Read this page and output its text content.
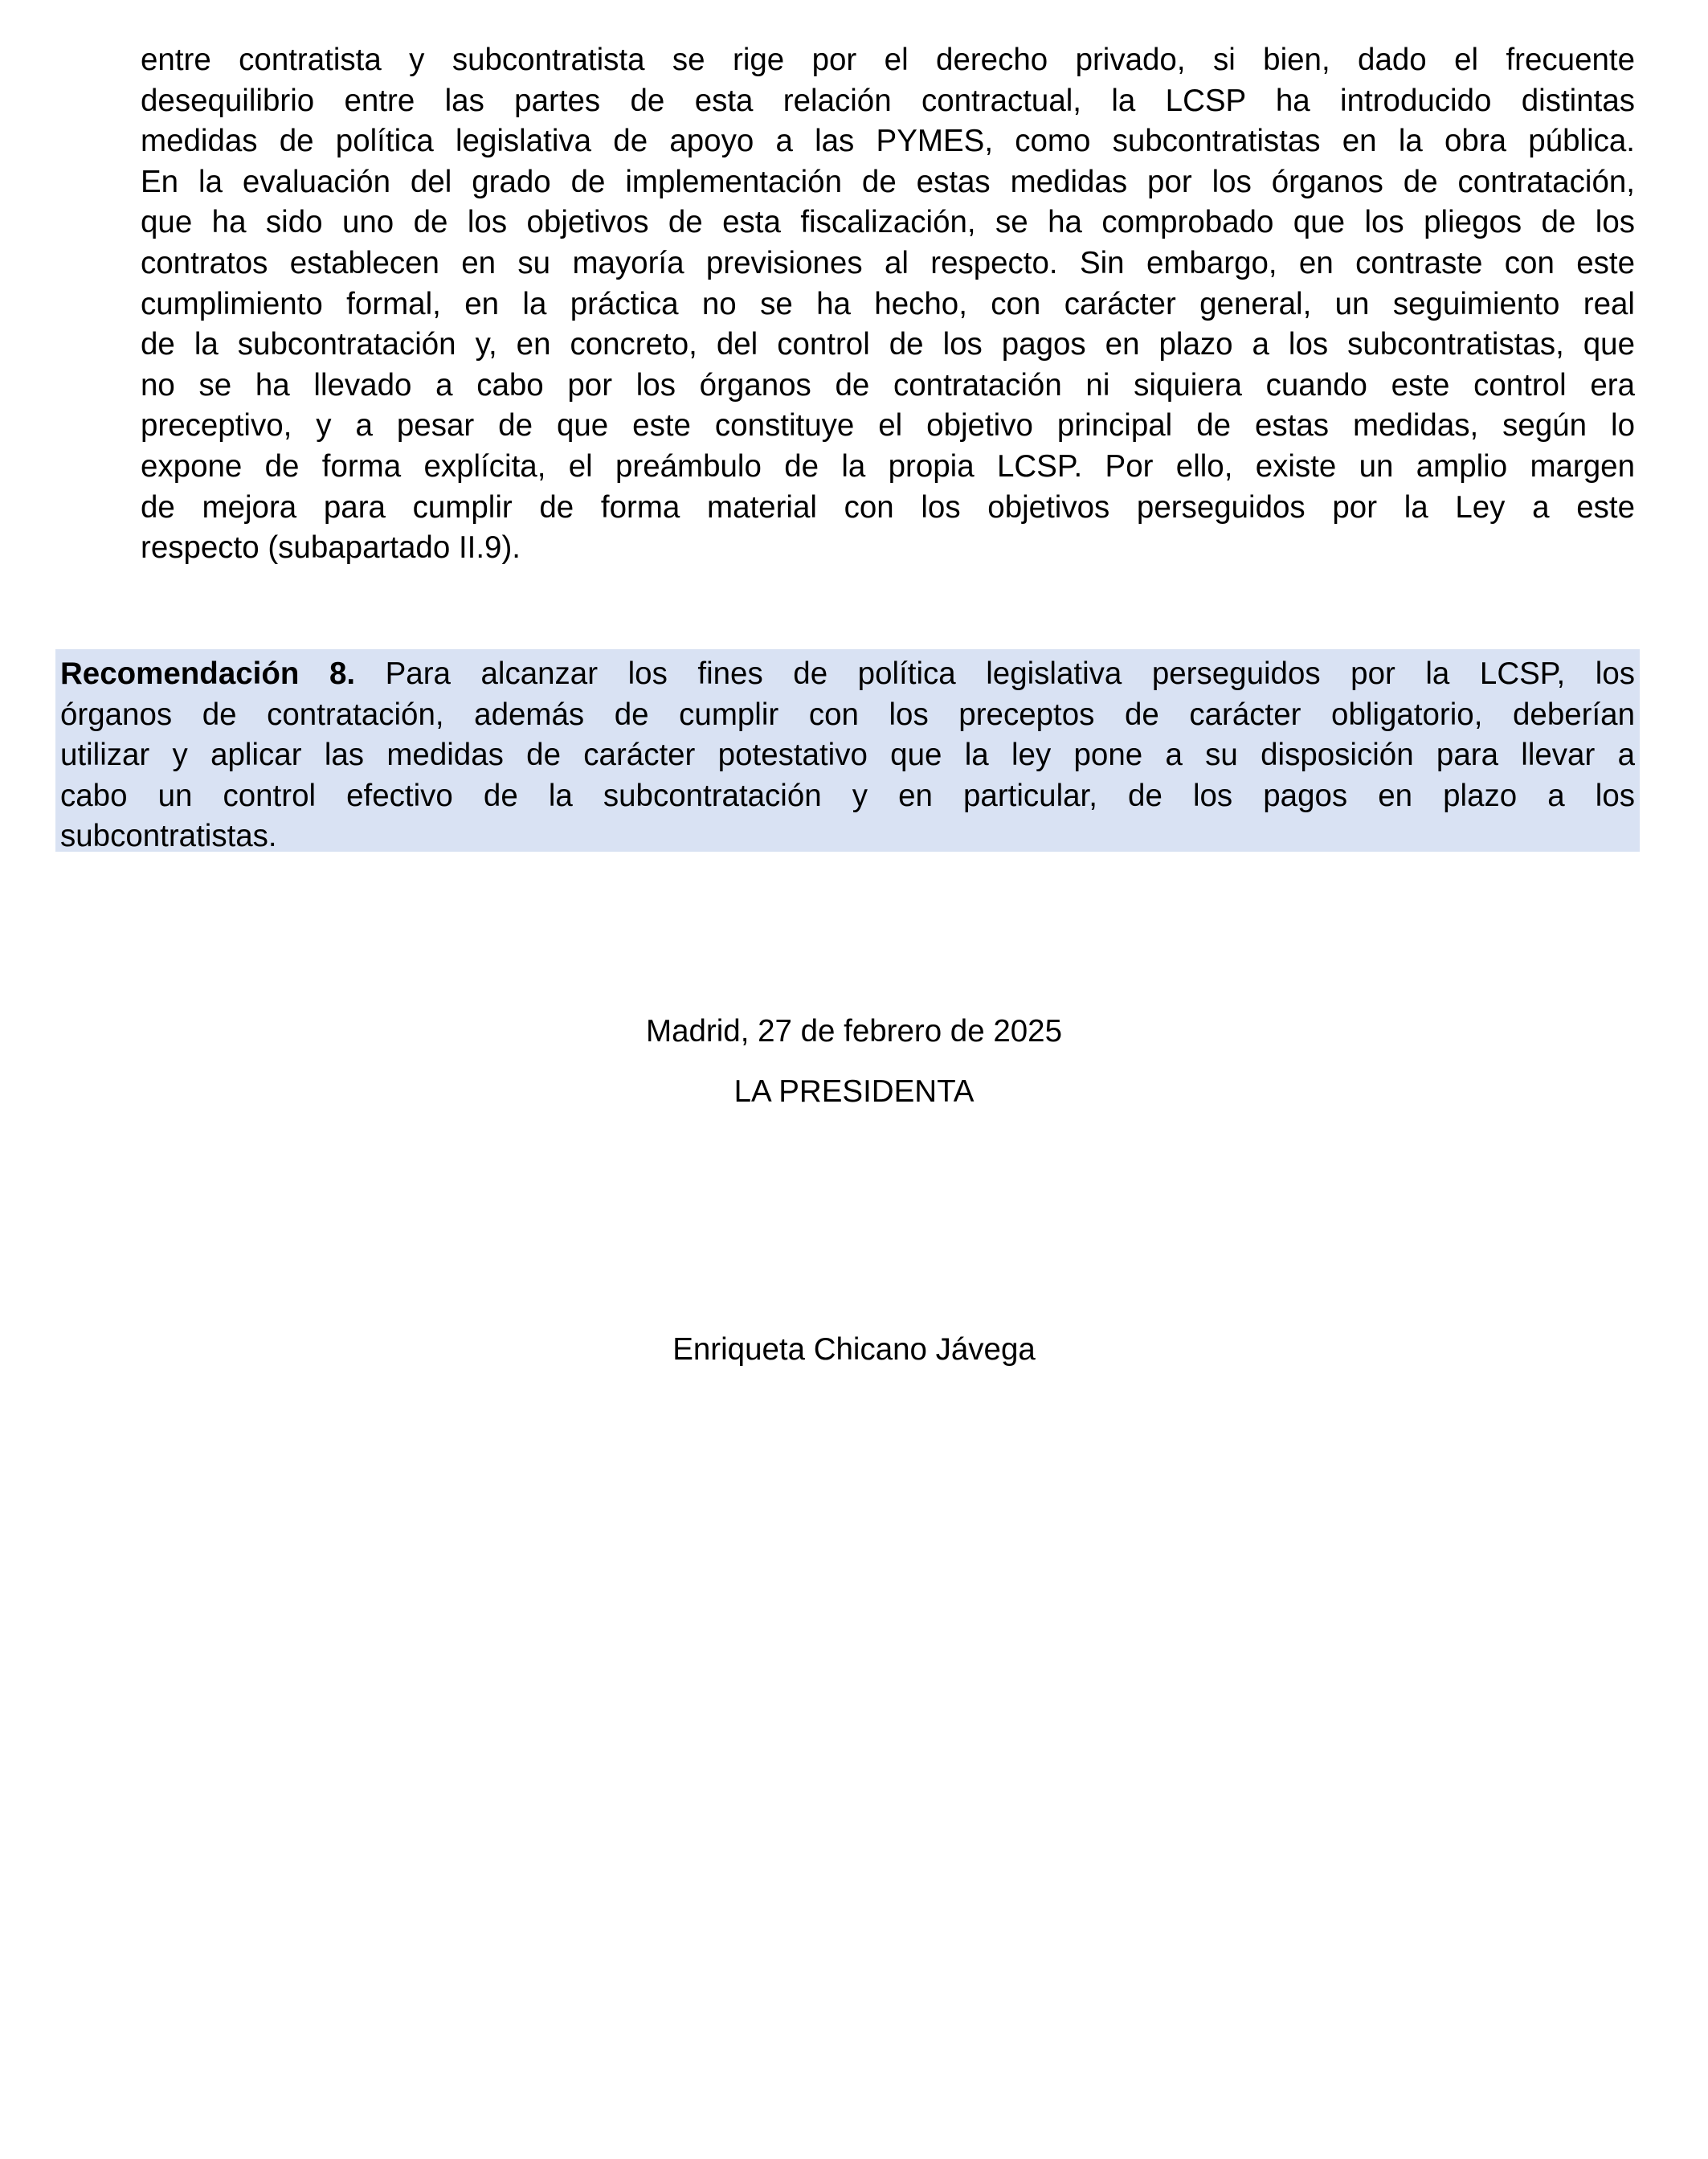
entre contratista y subcontratista se rige por el derecho privado, si bien, dado el frecuente
desequilibrio entre las partes de esta relación contractual, la LCSP ha introducido distintas
medidas de política legislativa de apoyo a las PYMES, como subcontratistas en la obra pública.
En la evaluación del grado de implementación de estas medidas por los órganos de contratación,
que ha sido uno de los objetivos de esta fiscalización, se ha comprobado que los pliegos de los
contratos establecen en su mayoría previsiones al respecto. Sin embargo, en contraste con este
cumplimiento formal, en la práctica no se ha hecho, con carácter general, un seguimiento real
de la subcontratación y, en concreto, del control de los pagos en plazo a los subcontratistas, que
no se ha llevado a cabo por los órganos de contratación ni siquiera cuando este control era
preceptivo, y a pesar de que este constituye el objetivo principal de estas medidas, según lo
expone de forma explícita, el preámbulo de la propia LCSP. Por ello, existe un amplio margen
de mejora para cumplir de forma material con los objetivos perseguidos por la Ley a este
respecto (subapartado II.9).
Recomendación 8. Para alcanzar los fines de política legislativa perseguidos por la LCSP, los
órganos de contratación, además de cumplir con los preceptos de carácter obligatorio, deberían
utilizar y aplicar las medidas de carácter potestativo que la ley pone a su disposición para llevar a
cabo un control efectivo de la subcontratación y en particular, de los pagos en plazo a los
subcontratistas.
Madrid, 27 de febrero de 2025
LA PRESIDENTA
Enriqueta Chicano Jávega
